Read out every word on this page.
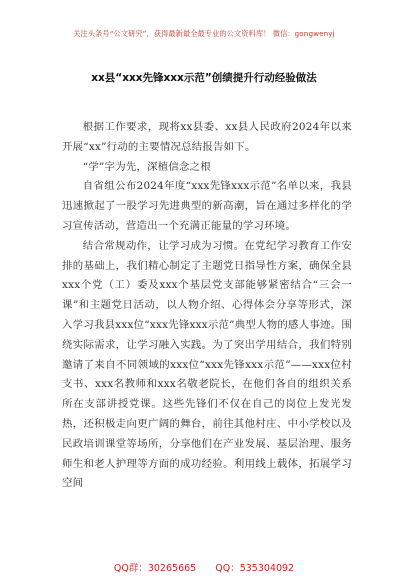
关注头条号“公文研究”，获得最新最全最专业的公文资料库！ 微信：gongwenyj
xx县“xxx先锋xxx示范”创绩提升行动经验做法

根据工作要求，现将xx县委、xx县人民政府2024年以来开展“xx”行动的主要情况总结报告如下。

“学”字为先，深植信念之根

自省组公布2024年度“xxx先锋xxx示范”名单以来，我县迅速掀起了一股学习先进典型的新高潮，旨在通过多样化的学习宣传活动，营造出一个充满正能量的学习环境。

结合常规动作，让学习成为习惯。在党纪学习教育工作安排的基础上，我们精心制定了主题党日指导性方案，确保全县xxx个党（工）委及xxx个基层党支部能够紧密结合“三会一课”和主题党日活动，以人物介绍、心得体会分享等形式，深入学习我县xxx位“xxx先锋xxx示范”典型人物的感人事迹。围绕实际需求，让学习融入实践。为了突出学用结合，我们特别邀请了来自不同领域的xxx位“xxx先锋xxx示范”——xxx位村支书、xxx名教师和xxx名敬老院长，在他们各自的组织关系所在支部讲授党课。这些先锋们不仅在自己的岗位上发光发热，还积极走向更广阔的舞台，前往其他村庄、中小学校以及民政培训课堂等场所，分享他们在产业发展、基层治理、服务师生和老人护理等方面的成功经验。利用线上载体，拓展学习空间

QQ群：30265665 QQ：535304092
